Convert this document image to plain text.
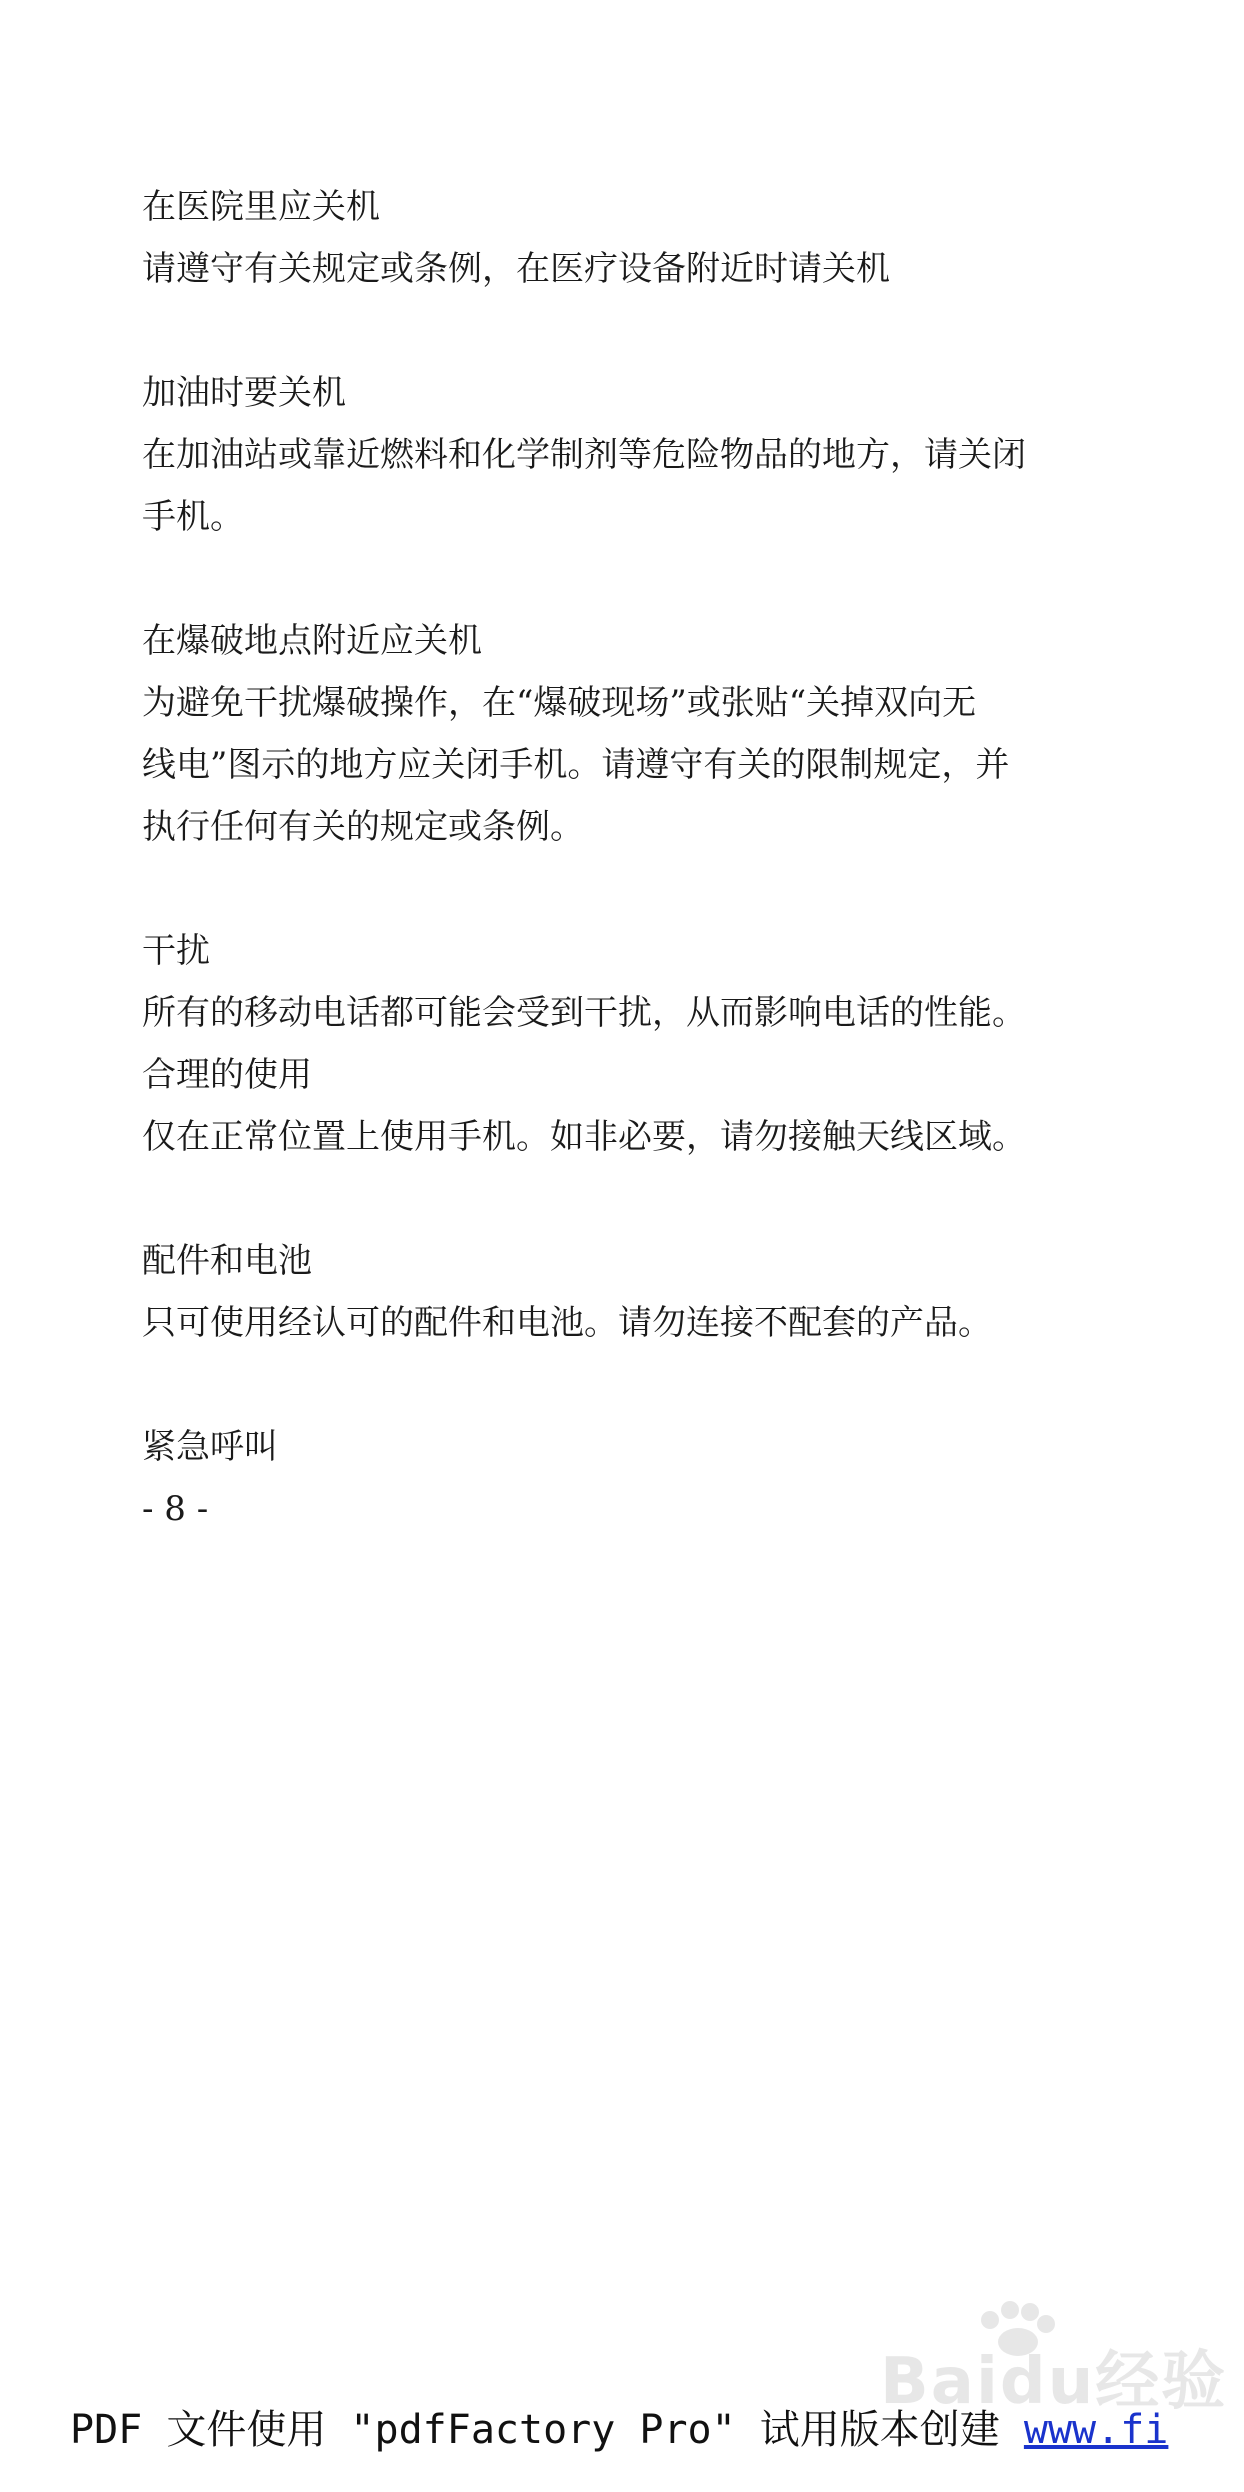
在医院里应关机

请遵守有关规定或条例，在医疗设备附近时请关机

加油时要关机

在加油站或靠近燃料和化学制剂等危险物品的地方，请关闭

手机。

在爆破地点附近应关机

为避免干扰爆破操作，在“爆破现场”或张贴“关掉双向无

线电”图示的地方应关闭手机。请遵守有关的限制规定，并

执行任何有关的规定或条例。

干扰

所有的移动电话都可能会受到干扰，从而影响电话的性能。

合理的使用

仅在正常位置上使用手机。如非必要，请勿接触天线区域。

配件和电池

只可使用经认可的配件和电池。请勿连接不配套的产品。

紧急呼叫

- 8 -

Baidu经验
PDF 文件使用 "pdfFactory Pro" 试用版本创建 www.fi
